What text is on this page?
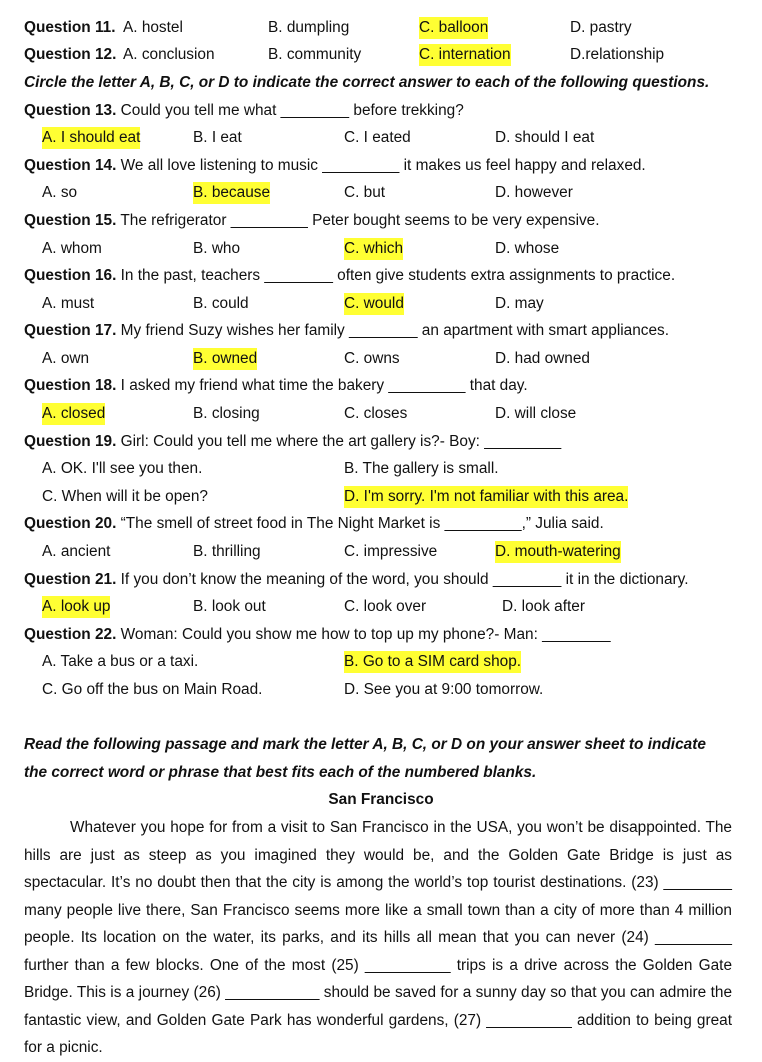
Question 11. A. hostel	B. dumpling	C. balloon	D. pastry
Question 12. A. conclusion	B. community	C. internation	D.relationship
Circle the letter A, B, C, or D to indicate the correct answer to each of the following questions.
Question 13. Could you tell me what ________ before trekking?
A. I should eat	B. I eat	C. I eated	D. should I eat
Question 14. We all love listening to music _________ it makes us feel happy and relaxed.
A. so	B. because	C. but	D. however
Question 15. The refrigerator _________ Peter bought seems to be very expensive.
A. whom	B. who	C. which	D. whose
Question 16. In the past, teachers ________ often give students extra assignments to practice.
A. must	B. could	C. would	D. may
Question 17. My friend Suzy wishes her family ________ an apartment with smart appliances.
A. own	B. owned	C. owns	D. had owned
Question 18. I asked my friend what time the bakery _________ that day.
A. closed	B. closing	C. closes	D. will close
Question 19. Girl: Could you tell me where the art gallery is?- Boy: _________
A. OK. I'll see you then.	B. The gallery is small.
C. When will it be open?	D. I'm sorry. I'm not familiar with this area.
Question 20. “The smell of street food in The Night Market is _________,” Julia said.
A. ancient	B. thrilling	C. impressive	D. mouth-watering
Question 21. If you don’t know the meaning of the word, you should ________ it in the dictionary.
A. look up	B. look out	C. look over	D. look after
Question 22. Woman: Could you show me how to top up my phone?- Man: ________
A. Take a bus or a taxi.	B. Go to a SIM card shop.
C. Go off the bus on Main Road.	D. See you at 9:00 tomorrow.
Read the following passage and mark the letter A, B, C, or D on your answer sheet to indicate
the correct word or phrase that best fits each of the numbered blanks.
San Francisco

Whatever you hope for from a visit to San Francisco in the USA, you won’t be disappointed. The hills are just as steep as you imagined they would be, and the Golden Gate Bridge is just as spectacular. It’s no doubt then that the city is among the world’s top tourist destinations. (23) ________ many people live there, San Francisco seems more like a small town than a city of more than 4 million people. Its location on the water, its parks, and its hills all mean that you can never (24) _________ further than a few blocks. One of the most (25) __________ trips is a drive across the Golden Gate Bridge. This is a journey (26) ___________ should be saved for a sunny day so that you can admire the fantastic view, and Golden Gate Park has wonderful gardens, (27) __________ addition to being great for a picnic.
